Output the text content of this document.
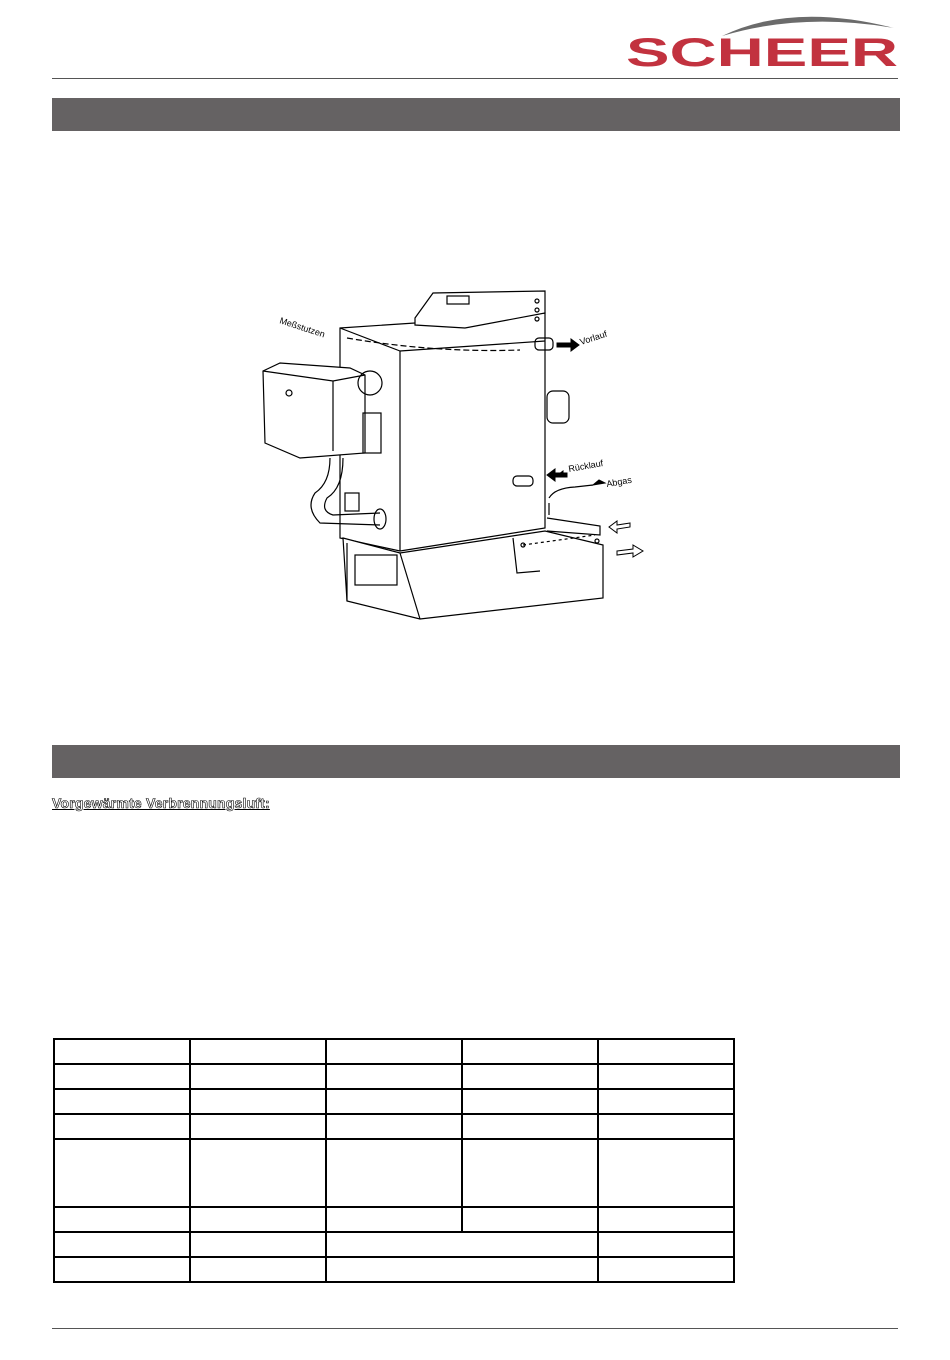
SCHEER
Meßstutzen	Vorlauf
Rücklauf
Abgas
Vorgewärmte Verbrennungsluft:
